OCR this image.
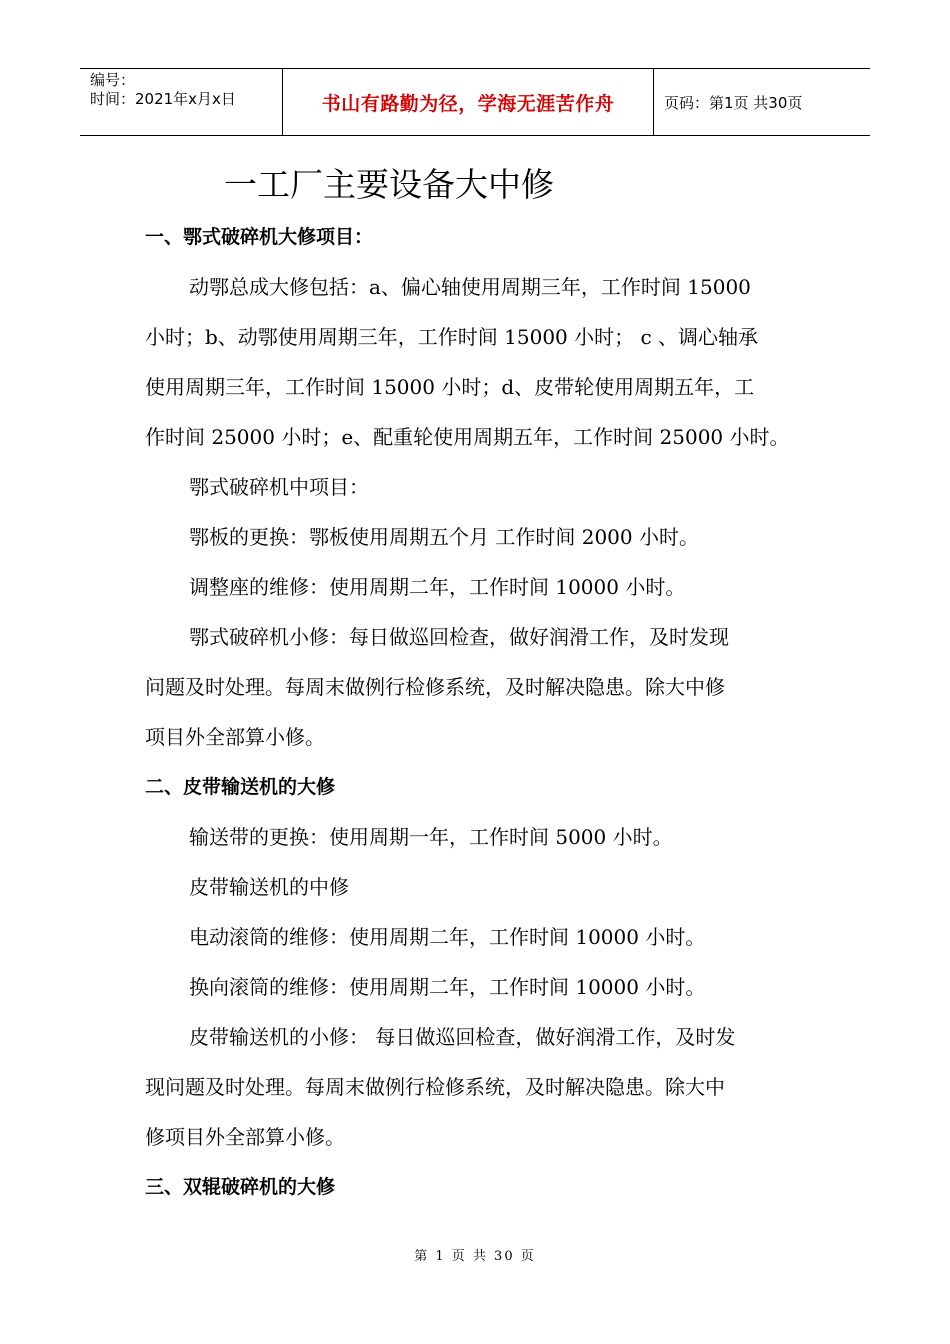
编号：
时间：2021年x月x日	书山有路勤为径，学海无涯苦作舟	页码：第1页 共30页
一工厂主要设备大中修
一、鄂式破碎机大修项目：
动鄂总成大修包括：a、偏心轴使用周期三年，工作时间 15000
小时；b、动鄂使用周期三年，工作时间 15000 小时； c 、调心轴承
使用周期三年，工作时间 15000 小时；d、皮带轮使用周期五年，工
作时间 25000 小时；e、配重轮使用周期五年，工作时间 25000 小时。
鄂式破碎机中项目：
鄂板的更换：鄂板使用周期五个月 工作时间 2000 小时。
调整座的维修：使用周期二年，工作时间 10000 小时。
鄂式破碎机小修：每日做巡回检查，做好润滑工作，及时发现
问题及时处理。每周末做例行检修系统，及时解决隐患。除大中修
项目外全部算小修。
二、皮带输送机的大修
输送带的更换：使用周期一年，工作时间 5000 小时。
皮带输送机的中修
电动滚筒的维修：使用周期二年，工作时间 10000 小时。
换向滚筒的维修：使用周期二年，工作时间 10000 小时。
皮带输送机的小修： 每日做巡回检查，做好润滑工作，及时发
现问题及时处理。每周末做例行检修系统，及时解决隐患。除大中
修项目外全部算小修。
三、双辊破碎机的大修
第 1 页 共 30 页
